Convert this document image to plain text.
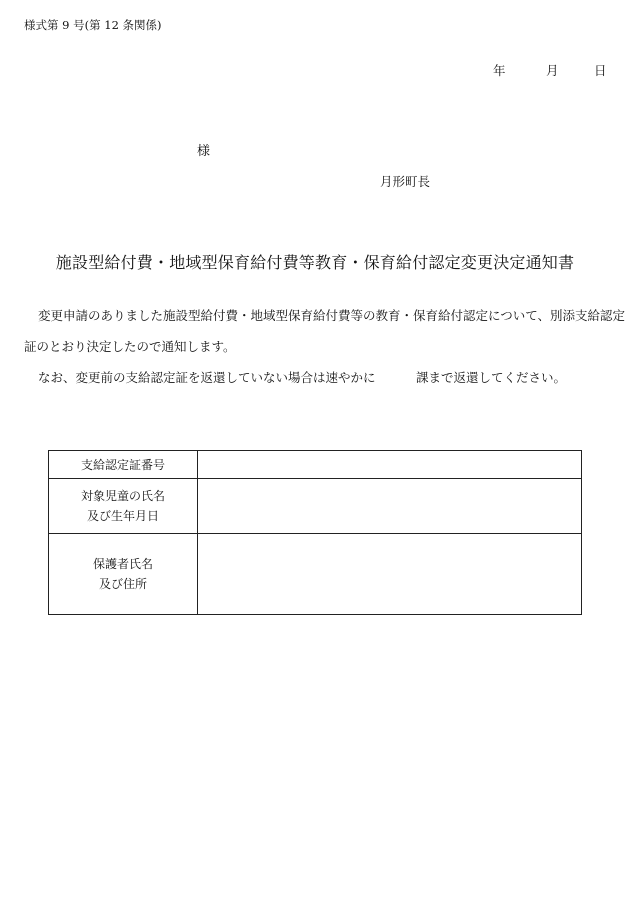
様式第 9 号(第 12 条関係)
年	月	日
様
月形町長
施設型給付費・地域型保育給付費等教育・保育給付認定変更決定通知書
変更申請のありました施設型給付費・地域型保育給付費等の教育・保育給付認定について、別添支給認定
証のとおり決定したので通知します。
なお、変更前の支給認定証を返還していない場合は速やかに	課まで返還してください。
支給認定証番号	

対象児童の氏名
及び生年月日	

保護者氏名
及び住所	
